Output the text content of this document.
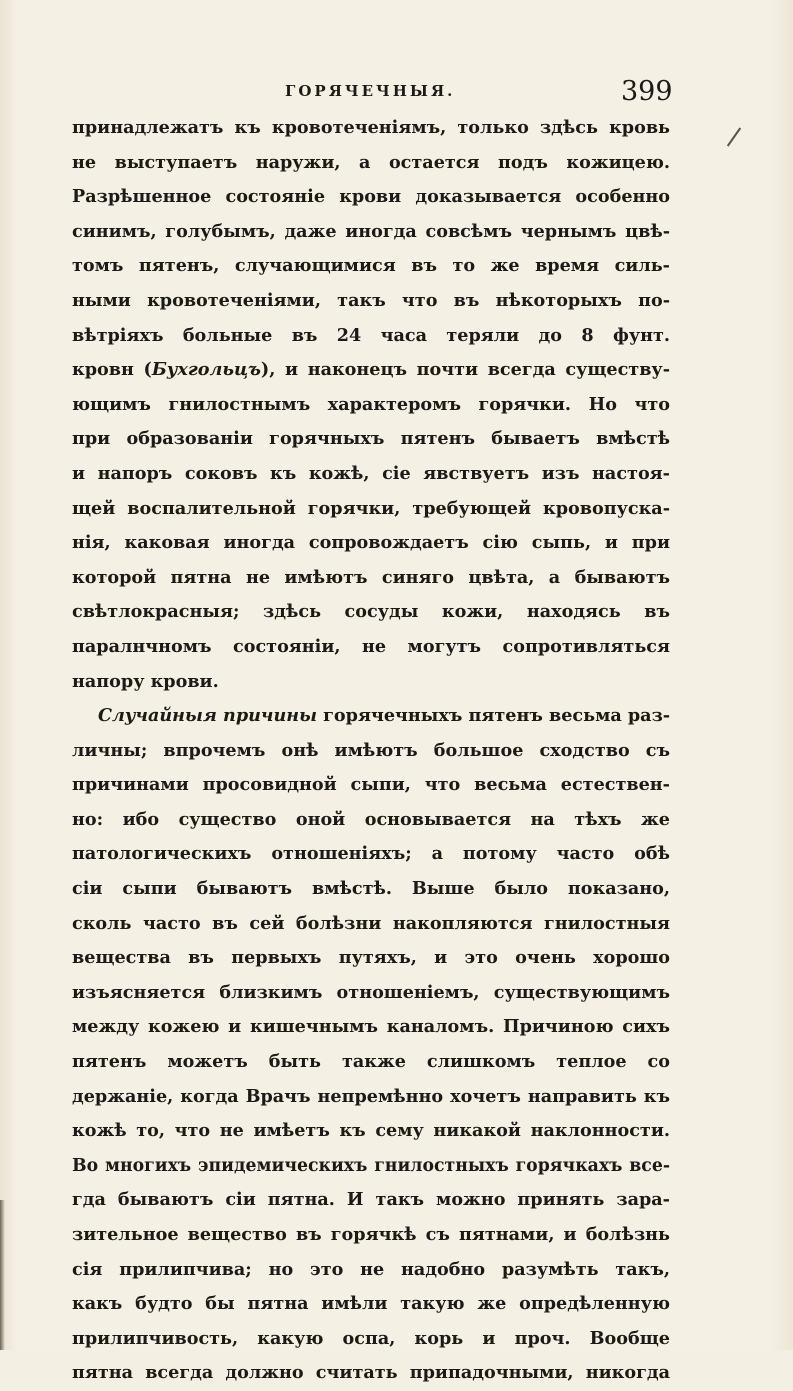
ГОРЯЧЕЧНЫЯ.	399
принадлежатъ къ кровотеченіямъ, только здѣсь кровь
не выступаетъ наружи, а остается подъ кожицею.
Разрѣшенное состояніе крови доказывается особенно
синимъ, голубымъ, даже иногда совсѣмъ чернымъ цвѣ-
томъ пятенъ, случающимися въ то же время силь-
ными кровотеченіями, такъ что въ нѣкоторыхъ по-
вѣтріяхъ больные въ 24 часа теряли до 8 фунт.
кровн (Бухгольцъ), и наконецъ почти всегда существу-
ющимъ гнилостнымъ характеромъ горячки. Но что
при образованіи горячныхъ пятенъ бываетъ вмѣстѣ
и напоръ соковъ къ кожѣ, сіе явствуетъ изъ настоя-
щей воспалительной горячки, требующей кровопуска-
нія, каковая иногда сопровождаетъ сію сыпь, и при
которой пятна не имѣютъ синяго цвѣта, а бываютъ
свѣтлокрасныя; здѣсь сосуды кожи, находясь въ
паралнчномъ состояніи, не могутъ сопротивляться
напору крови.
Случайныя причины горячечныхъ пятенъ весьма раз-
личны; впрочемъ онѣ имѣютъ большое сходство съ
причинами просовидной сыпи, что весьма естествен-
но: ибо существо оной основывается на тѣхъ же
патологическихъ отношеніяхъ; а потому часто обѣ
сіи сыпи бываютъ вмѣстѣ. Выше было показано,
сколь часто въ сей болѣзни накопляются гнилостныя
вещества въ первыхъ путяхъ, и это очень хорошо
изъясняется близкимъ отношеніемъ, существующимъ
между кожею и кишечнымъ каналомъ. Причиною сихъ
пятенъ можетъ быть также слишкомъ теплое со
держаніе, когда Врачъ непремѣнно хочетъ направить къ
кожѣ то, что не имѣетъ къ сему никакой наклонности.
Во многихъ эпидемическихъ гнилостныхъ горячкахъ все-
гда бываютъ сіи пятна. И такъ можно принять зара-
зительное вещество въ горячкѣ съ пятнами, и болѣзнь
сія прилипчива; но это не надобно разумѣть такъ,
какъ будто бы пятна имѣли такую же опредѣленную
прилипчивость, какую оспа, корь и проч. Вообще
пятна всегда должно считать припадочными, никогда
